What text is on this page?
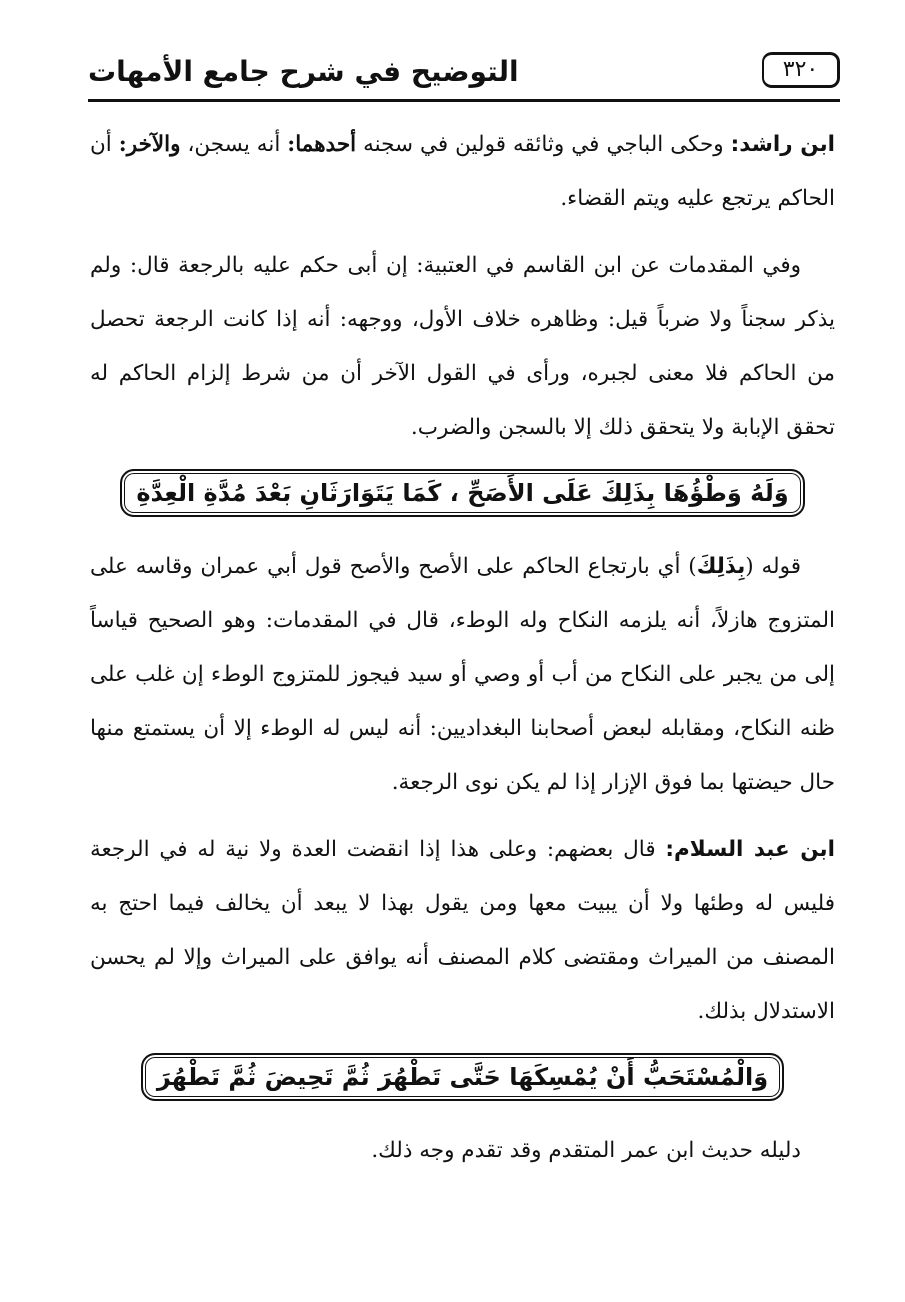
٣٢٠
التوضيح في شرح جامع الأمهات

ابن راشد: وحكى الباجي في وثائقه قولين في سجنه أحدهما: أنه يسجن، والآخر: أن الحاكم يرتجع عليه ويتم القضاء.

وفي المقدمات عن ابن القاسم في العتبية: إن أبى حكم عليه بالرجعة قال: ولم يذكر سجناً ولا ضرباً قيل: وظاهره خلاف الأول، ووجهه: أنه إذا كانت الرجعة تحصل من الحاكم فلا معنى لجبره، ورأى في القول الآخر أن من شرط إلزام الحاكم له تحقق الإبابة ولا يتحقق ذلك إلا بالسجن والضرب.

وَلَهُ وَطْؤُهَا بِذَلِكَ عَلَى الأَصَحِّ ، كَمَا يَتَوَارَثَانِ بَعْدَ مُدَّةِ الْعِدَّةِ

قوله (بِذَلِكَ) أي بارتجاع الحاكم على الأصح والأصح قول أبي عمران وقاسه على المتزوج هازلاً، أنه يلزمه النكاح وله الوطء، قال في المقدمات: وهو الصحيح قياساً إلى من يجبر على النكاح من أب أو وصي أو سيد فيجوز للمتزوج الوطء إن غلب على ظنه النكاح، ومقابله لبعض أصحابنا البغداديين: أنه ليس له الوطء إلا أن يستمتع منها حال حيضتها بما فوق الإزار إذا لم يكن نوى الرجعة.

ابن عبد السلام: قال بعضهم: وعلى هذا إذا انقضت العدة ولا نية له في الرجعة فليس له وطئها ولا أن يبيت معها ومن يقول بهذا لا يبعد أن يخالف فيما احتج به المصنف من الميراث ومقتضى كلام المصنف أنه يوافق على الميراث وإلا لم يحسن الاستدلال بذلك.

وَالْمُسْتَحَبُّ أَنْ يُمْسِكَهَا حَتَّى تَطْهُرَ ثُمَّ تَحِيضَ ثُمَّ تَطْهُرَ

دليله حديث ابن عمر المتقدم وقد تقدم وجه ذلك.
